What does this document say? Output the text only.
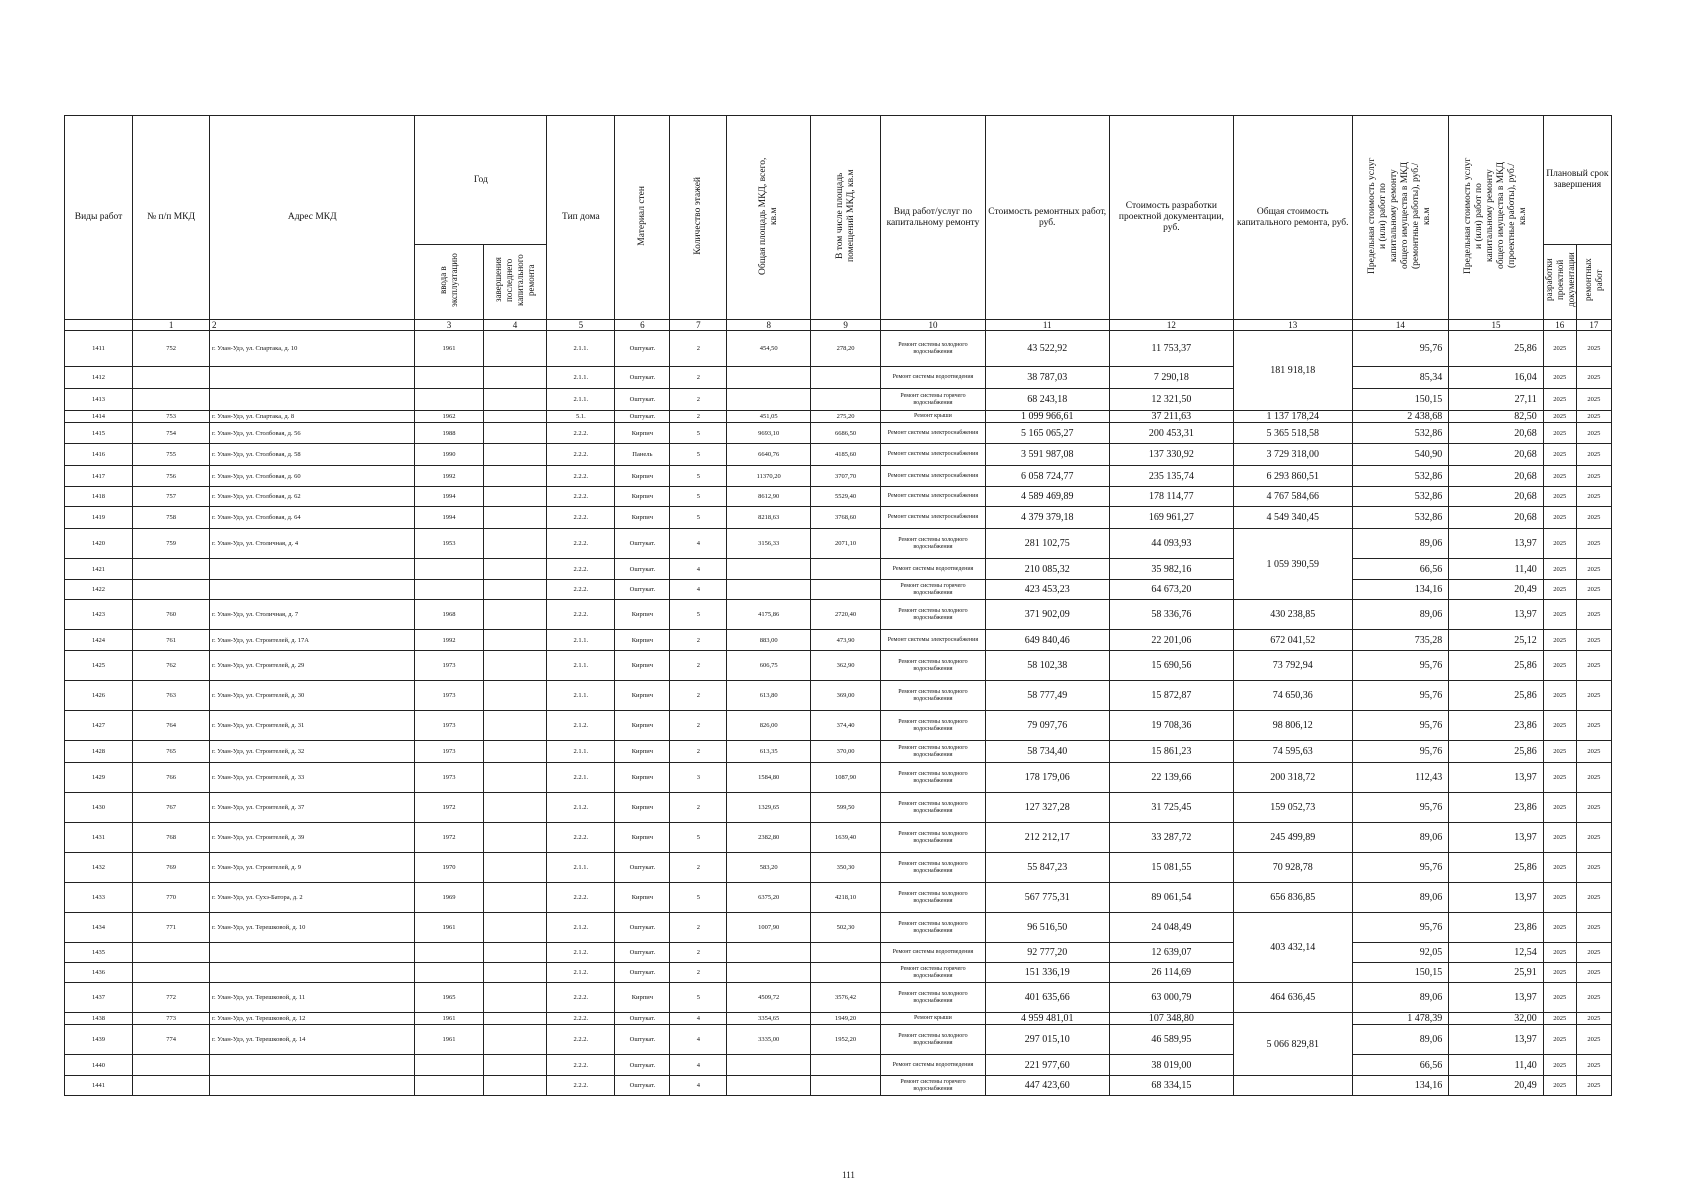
Виды работ	№ п/п МКД	Адрес МКД	Год		Тип дома	Материал стен	Количество этажей	Общая площадь МКД, всего, кв.м	В том числе площадь помещений МКД, кв.м	Вид работ/услуг по капитальному ремонту	Стоимость ремонтных работ, руб.	Стоимость разработки проектной документации, руб.	Общая стоимость капитального ремонта, руб.	Предельная стоимость услуг и (или) работ по капитальному ремонту общего имущества в МКД (ремонтные работы), руб./кв.м	Предельная стоимость услуг и (или) работ по капитальному ремонту общего имущества в МКД (проектные работы), руб./кв.м	Плановый срок завершения	
			ввода в эксплуатацию	завершения последнего капитального ремонта												разработки проектной документации	ремонтных работ
	1	2	3	4	5	6	7	8	9	10	11	12	13	14	15	16	17
1411	752	г. Улан-Удэ, ул. Спартака, д. 10	1961		2.1.1.	Оштукат.	2	454,50	278,20	Ремонт системы холодного водоснабжения	43 522,92	11 753,37	181 918,18	95,76	25,86	2025	2025
1412					2.1.1.	Оштукат.	2			Ремонт системы водоотведения	38 787,03	7 290,18		85,34	16,04	2025	2025
1413					2.1.1.	Оштукат.	2			Ремонт системы горячего водоснабжения	68 243,18	12 321,50		150,15	27,11	2025	2025
1414	753	г. Улан-Удэ, ул. Спартака, д. 8	1962		5.1.	Оштукат.	2	451,05	275,20	Ремонт крыши	1 099 966,61	37 211,63	1 137 178,24	2 438,68	82,50	2025	2025
1415	754	г. Улан-Удэ, ул. Столбовая, д. 56	1988		2.2.2.	Кирпич	5	9693,10	6686,50	Ремонт системы электроснабжения	5 165 065,27	200 453,31	5 365 518,58	532,86	20,68	2025	2025
1416	755	г. Улан-Удэ, ул. Столбовая, д. 58	1990		2.2.2.	Панель	5	6640,76	4185,60	Ремонт системы электроснабжения	3 591 987,08	137 330,92	3 729 318,00	540,90	20,68	2025	2025
1417	756	г. Улан-Удэ, ул. Столбовая, д. 60	1992		2.2.2.	Кирпич	5	11370,20	3707,70	Ремонт системы электроснабжения	6 058 724,77	235 135,74	6 293 860,51	532,86	20,68	2025	2025
1418	757	г. Улан-Удэ, ул. Столбовая, д. 62	1994		2.2.2.	Кирпич	5	8612,90	5529,40	Ремонт системы электроснабжения	4 589 469,89	178 114,77	4 767 584,66	532,86	20,68	2025	2025
1419	758	г. Улан-Удэ, ул. Столбовая, д. 64	1994		2.2.2.	Кирпич	5	8218,63	3768,60	Ремонт системы электроснабжения	4 379 379,18	169 961,27	4 549 340,45	532,86	20,68	2025	2025
1420	759	г. Улан-Удэ, ул. Столичная, д. 4	1953		2.2.2.	Оштукат.	4	3156,33	2071,10	Ремонт системы холодного водоснабжения	281 102,75	44 093,93	1 059 390,59	89,06	13,97	2025	2025
1421					2.2.2.	Оштукат.	4			Ремонт системы водоотведения	210 085,32	35 982,16		66,56	11,40	2025	2025
1422					2.2.2.	Оштукат.	4			Ремонт системы горячего водоснабжения	423 453,23	64 673,20		134,16	20,49	2025	2025
1423	760	г. Улан-Удэ, ул. Столичная, д. 7	1968		2.2.2.	Кирпич	5	4175,86	2720,40	Ремонт системы холодного водоснабжения	371 902,09	58 336,76	430 238,85	89,06	13,97	2025	2025
1424	761	г. Улан-Удэ, ул. Строителей, д. 17А	1992		2.1.1.	Кирпич	2	883,00	473,90	Ремонт системы электроснабжения	649 840,46	22 201,06	672 041,52	735,28	25,12	2025	2025
1425	762	г. Улан-Удэ, ул. Строителей, д. 29	1973		2.1.1.	Кирпич	2	606,75	362,90	Ремонт системы холодного водоснабжения	58 102,38	15 690,56	73 792,94	95,76	25,86	2025	2025
1426	763	г. Улан-Удэ, ул. Строителей, д. 30	1973		2.1.1.	Кирпич	2	613,80	369,00	Ремонт системы холодного водоснабжения	58 777,49	15 872,87	74 650,36	95,76	25,86	2025	2025
1427	764	г. Улан-Удэ, ул. Строителей, д. 31	1973		2.1.2.	Кирпич	2	826,00	374,40	Ремонт системы холодного водоснабжения	79 097,76	19 708,36	98 806,12	95,76	23,86	2025	2025
1428	765	г. Улан-Удэ, ул. Строителей, д. 32	1973		2.1.1.	Кирпич	2	613,35	370,00	Ремонт системы холодного водоснабжения	58 734,40	15 861,23	74 595,63	95,76	25,86	2025	2025
1429	766	г. Улан-Удэ, ул. Строителей, д. 33	1973		2.2.1.	Кирпич	3	1584,80	1087,90	Ремонт системы холодного водоснабжения	178 179,06	22 139,66	200 318,72	112,43	13,97	2025	2025
1430	767	г. Улан-Удэ, ул. Строителей, д. 37	1972		2.1.2.	Кирпич	2	1329,65	599,50	Ремонт системы холодного водоснабжения	127 327,28	31 725,45	159 052,73	95,76	23,86	2025	2025
1431	768	г. Улан-Удэ, ул. Строителей, д. 39	1972		2.2.2.	Кирпич	5	2382,80	1639,40	Ремонт системы холодного водоснабжения	212 212,17	33 287,72	245 499,89	89,06	13,97	2025	2025
1432	769	г. Улан-Удэ, ул. Строителей, д. 9	1970		2.1.1.	Оштукат.	2	583,20	350,30	Ремонт системы холодного водоснабжения	55 847,23	15 081,55	70 928,78	95,76	25,86	2025	2025
1433	770	г. Улан-Удэ, ул. Сухэ-Батора, д. 2	1969		2.2.2.	Кирпич	5	6375,20	4218,10	Ремонт системы холодного водоснабжения	567 775,31	89 061,54	656 836,85	89,06	13,97	2025	2025
1434	771	г. Улан-Удэ, ул. Терешковой, д. 10	1961		2.1.2.	Оштукат.	2	1007,90	502,30	Ремонт системы холодного водоснабжения	96 516,50	24 048,49	403 432,14	95,76	23,86	2025	2025
1435					2.1.2.	Оштукат.	2			Ремонт системы водоотведения	92 777,20	12 639,07		92,05	12,54	2025	2025
1436					2.1.2.	Оштукат.	2			Ремонт системы горячего водоснабжения	151 336,19	26 114,69		150,15	25,91	2025	2025
1437	772	г. Улан-Удэ, ул. Терешковой, д. 11	1965		2.2.2.	Кирпич	5	4509,72	3576,42	Ремонт системы холодного водоснабжения	401 635,66	63 000,79	464 636,45	89,06	13,97	2025	2025
1438	773	г. Улан-Удэ, ул. Терешковой, д. 12	1961		2.2.2.	Оштукат.	4	3354,65	1949,20	Ремонт крыши	4 959 481,01	107 348,80	5 066 829,81	1 478,39	32,00	2025	2025
1439	774	г. Улан-Удэ, ул. Терешковой, д. 14	1961		2.2.2.	Оштукат.	4	3335,00	1952,20	Ремонт системы холодного водоснабжения	297 015,10	46 589,95		89,06	13,97	2025	2025
1440					2.2.2.	Оштукат.	4			Ремонт системы водоотведения	221 977,60	38 019,00		66,56	11,40	2025	2025
1441					2.2.2.	Оштукат.	4			Ремонт системы горячего водоснабжения	447 423,60	68 334,15		134,16	20,49	2025	2025
111
